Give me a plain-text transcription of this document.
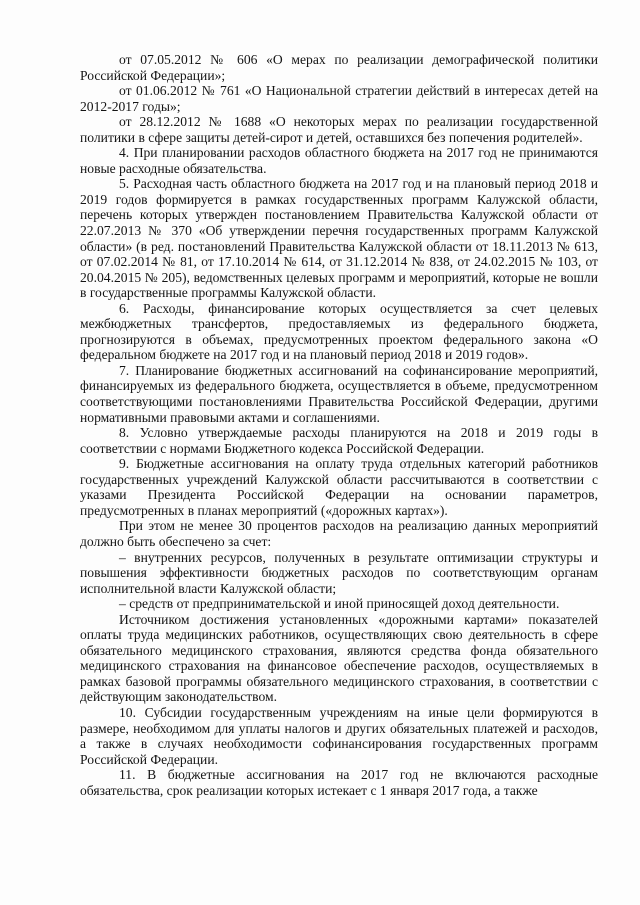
от 07.05.2012 № 606 «О мерах по реализации демографической политики Российской Федерации»;

от 01.06.2012 № 761 «О Национальной стратегии действий в интересах детей на 2012-2017 годы»;

от 28.12.2012 № 1688 «О некоторых мерах по реализации государственной политики в сфере защиты детей-сирот и детей, оставшихся без попечения родителей».

4. При планировании расходов областного бюджета на 2017 год не принимаются новые расходные обязательства.

5. Расходная часть областного бюджета на 2017 год и на плановый период 2018 и 2019 годов формируется в рамках государственных программ Калужской области, перечень которых утвержден постановлением Правительства Калужской области от 22.07.2013 № 370 «Об утверждении перечня государственных программ Калужской области» (в ред. постановлений Правительства Калужской области от 18.11.2013 № 613, от 07.02.2014 № 81, от 17.10.2014 № 614, от 31.12.2014 № 838, от 24.02.2015 № 103, от 20.04.2015 № 205), ведомственных целевых программ и мероприятий, которые не вошли в государственные программы Калужской области.

6. Расходы, финансирование которых осуществляется за счет целевых межбюджетных трансфертов, предоставляемых из федерального бюджета, прогнозируются в объемах, предусмотренных проектом федерального закона «О федеральном бюджете на 2017 год и на плановый период 2018 и 2019 годов».

7. Планирование бюджетных ассигнований на софинансирование мероприятий, финансируемых из федерального бюджета, осуществляется в объеме, предусмотренном соответствующими постановлениями Правительства Российской Федерации, другими нормативными правовыми актами и соглашениями.

8. Условно утверждаемые расходы планируются на 2018 и 2019 годы в соответствии с нормами Бюджетного кодекса Российской Федерации.

9. Бюджетные ассигнования на оплату труда отдельных категорий работников государственных учреждений Калужской области рассчитываются в соответствии с указами Президента Российской Федерации на основании параметров, предусмотренных в планах мероприятий («дорожных картах»).

При этом не менее 30 процентов расходов на реализацию данных мероприятий должно быть обеспечено за счет:

– внутренних ресурсов, полученных в результате оптимизации структуры и повышения эффективности бюджетных расходов по соответствующим органам исполнительной власти Калужской области;

– средств от предпринимательской и иной приносящей доход деятельности.

Источником достижения установленных «дорожными картами» показателей оплаты труда медицинских работников, осуществляющих свою деятельность в сфере обязательного медицинского страхования, являются средства фонда обязательного медицинского страхования на финансовое обеспечение расходов, осуществляемых в рамках базовой программы обязательного медицинского страхования, в соответствии с действующим законодательством.

10. Субсидии государственным учреждениям на иные цели формируются в размере, необходимом для уплаты налогов и других обязательных платежей и расходов, а также в случаях необходимости софинансирования государственных программ Российской Федерации.

11. В бюджетные ассигнования на 2017 год не включаются расходные обязательства, срок реализации которых истекает с 1 января 2017 года, а также
